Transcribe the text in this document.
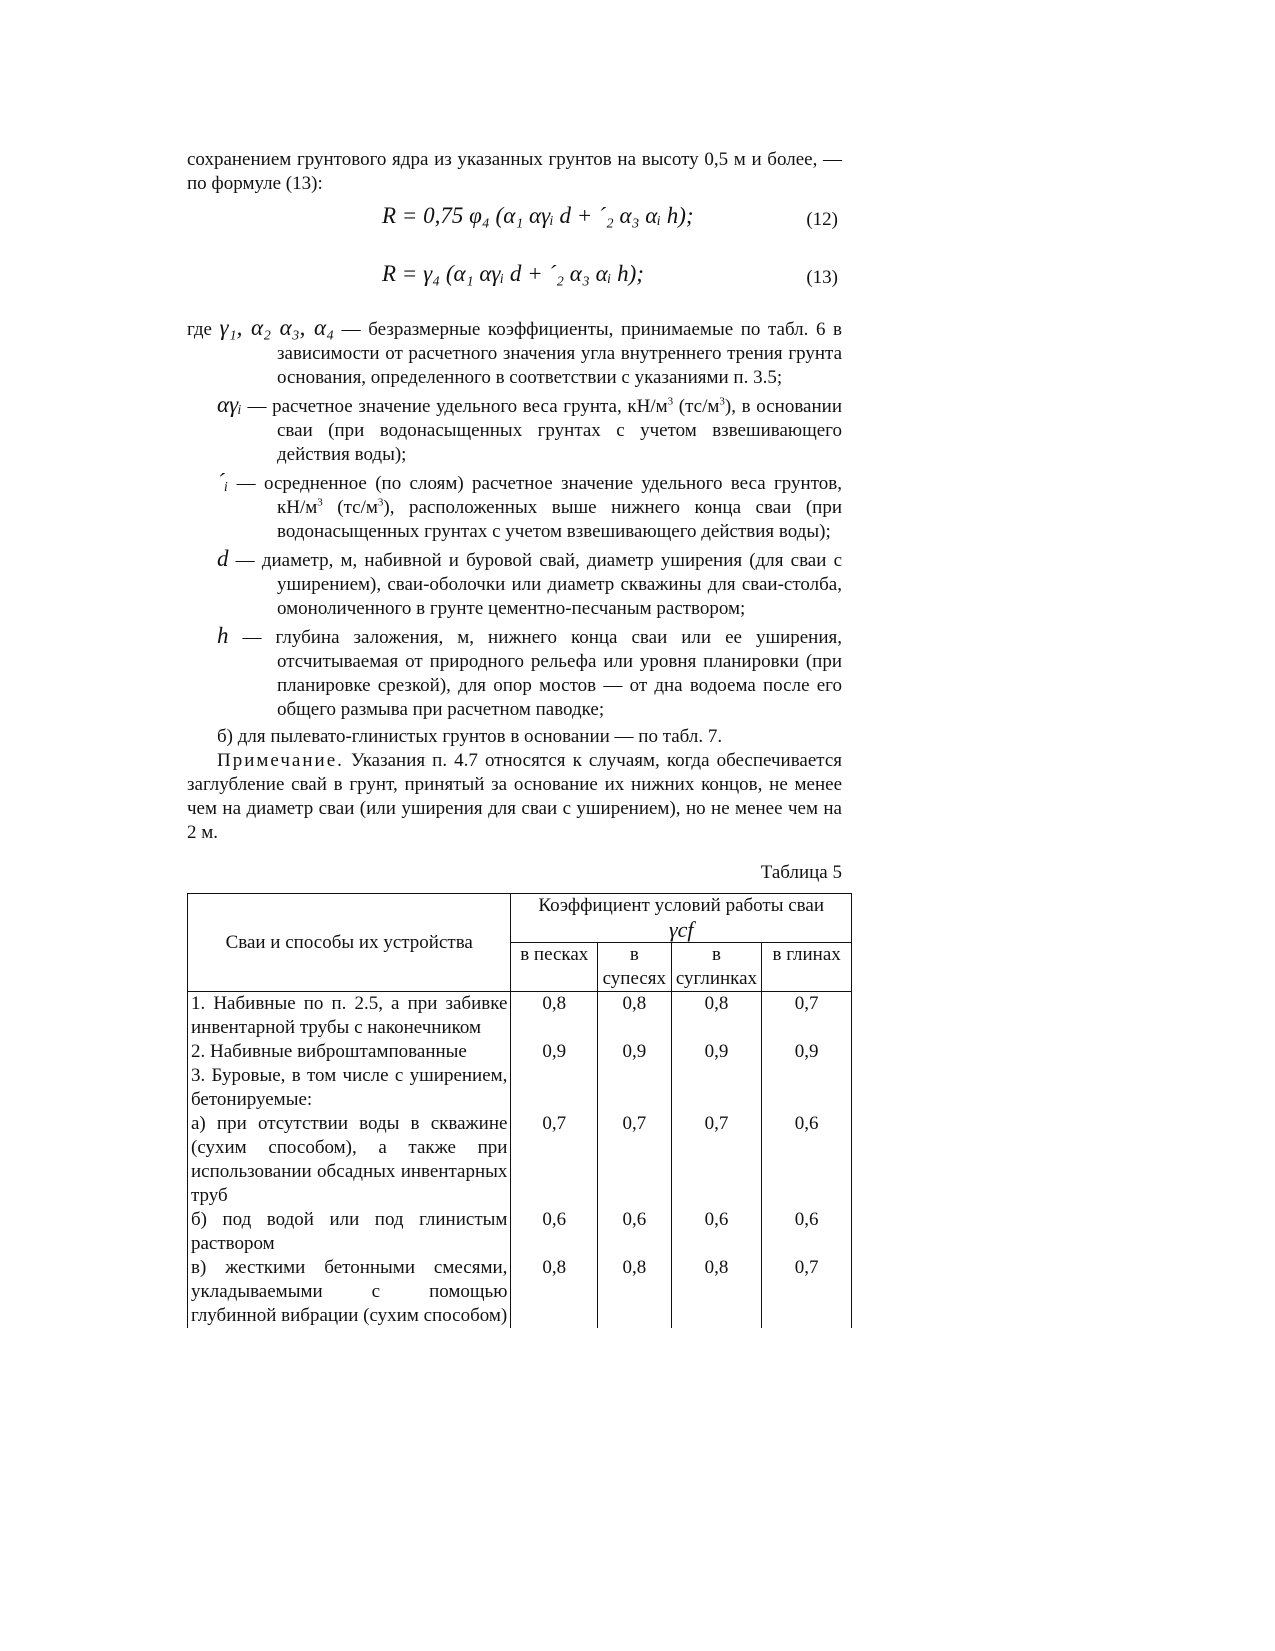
сохранением грунтового ядра из указанных грунтов на высоту 0,5 м и более, — по формуле (13):

R = 0,75 φ₄ (α₁ αγᵢ d + ´₂ α₃ αᵢ h);	(12)
R = γ₄ (α₁ αγᵢ d + ´₂ α₃ αᵢ h);	(13)

где γ₁, α₂ α₃, α₄ — безразмерные коэффициенты, принимаемые по табл. 6 в зависимости от расчетного значения угла внутреннего трения грунта основания, определенного в соответствии с указаниями п. 3.5;

αγᵢ — расчетное значение удельного веса грунта, $кН/м^3$ $(тс/м^3)$, в основании сваи (при водонасыщенных грунтах с учетом взвешивающего действия воды);

´ᵢ — осредненное (по слоям) расчетное значение удельного веса грунтов, $кН/м^3$ $(тс/м^3)$, расположенных выше нижнего конца сваи (при водонасыщенных грунтах с учетом взвешивающего действия воды);

d — диаметр, м, набивной и буровой свай, диаметр уширения (для сваи с уширением), сваи-оболочки или диаметр скважины для сваи-столба, омоноличенного в грунте цементно-песчаным раствором;

h — глубина заложения, м, нижнего конца сваи или ее уширения, отсчитываемая от природного рельефа или уровня планировки (при планировке срезкой), для опор мостов — от дна водоема после его общего размыва при расчетном паводке;

б) для пылевато-глинистых грунтов в основании — по табл. 7.

Примечание. Указания п. 4.7 относятся к случаям, когда обеспечивается заглубление свай в грунт, принятый за основание их нижних концов, не менее чем на диаметр сваи (или уширения для сваи с уширением), но не менее чем на 2 м.

Таблица 5
Сваи и способы их устройства	Коэффициент условий работы сваи
γcf			

	в песках	в супесях	в суглинках	в глинах
1. Набивные по п. 2.5, а при забивке инвентарной трубы с наконечником	0,8	0,8	0,8	0,7
2. Набивные виброштампованные	0,9	0,9	0,9	0,9
3. Буровые, в том числе с уширением, бетонируемые:				
а) при отсутствии воды в скважине (сухим способом), а также при использовании обсадных инвентарных труб	0,7	0,7	0,7	0,6
б) под водой или под глинистым раствором	0,6	0,6	0,6	0,6
в) жесткими бетонными смесями, укладываемыми с помощью глубинной вибрации (сухим способом)	0,8	0,8	0,8	0,7
